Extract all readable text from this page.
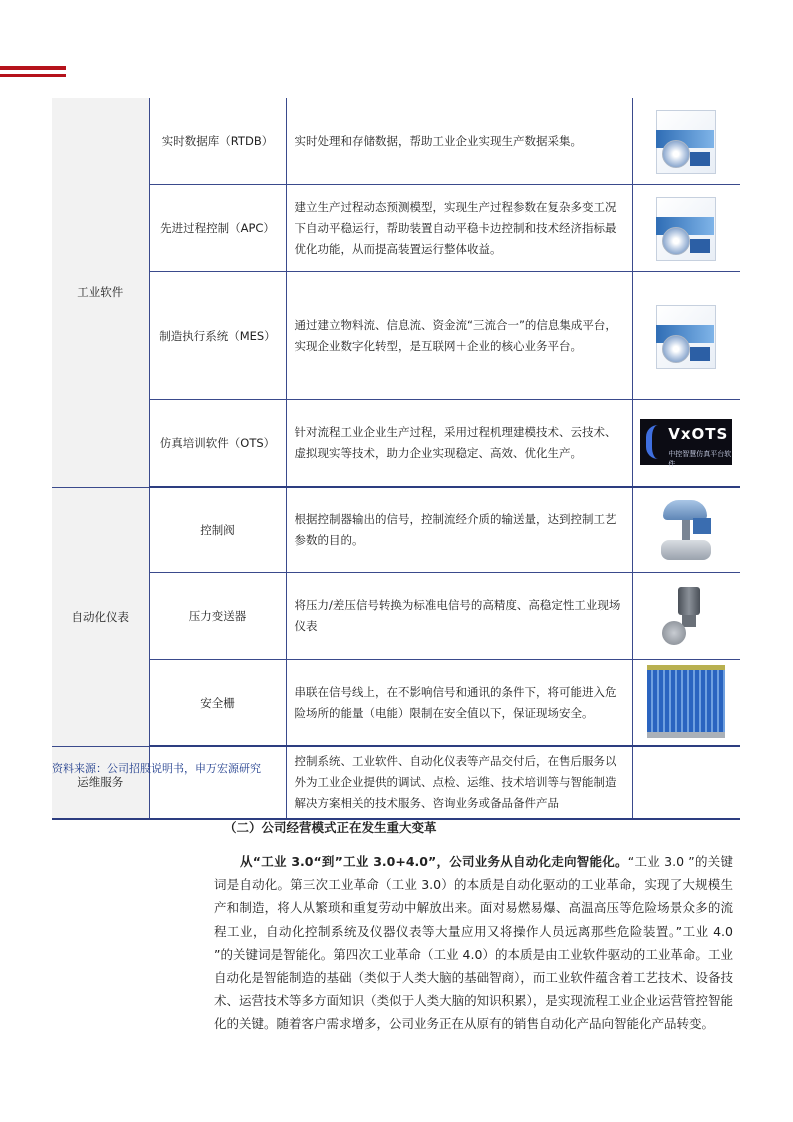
工业软件	实时数据库（RTDB）	实时处理和存储数据，帮助工业企业实现生产数据采集。	

	先进过程控制（APC）	建立生产过程动态预测模型，实现生产过程参数在复杂多变工况下自动平稳运行，帮助装置自动平稳卡边控制和技术经济指标最优化功能，从而提高装置运行整体收益。	

	制造执行系统（MES）	通过建立物料流、信息流、资金流“三流合一”的信息集成平台，实现企业数字化转型，是互联网＋企业的核心业务平台。	

	仿真培训软件（OTS）	针对流程工业企业生产过程，采用过程机理建模技术、云技术、虚拟现实等技术，助力企业实现稳定、高效、优化生产。	VxOTS
中控智慧仿真平台软件

自动化仪表	控制阀	根据控制器输出的信号，控制流经介质的输送量，达到控制工艺参数的目的。	

	压力变送器	将压力/差压信号转换为标准电信号的高精度、高稳定性工业现场仪表	

	安全栅	串联在信号线上，在不影响信号和通讯的条件下，将可能进入危险场所的能量（电能）限制在安全值以下，保证现场安全。	
运维服务		控制系统、工业软件、自动化仪表等产品交付后，在售后服务以外为工业企业提供的调试、点检、运维、技术培训等与智能制造解决方案相关的技术服务、咨询业务或备品备件产品	
资料来源：公司招股说明书，申万宏源研究
（二）公司经营模式正在发生重大变革

从“工业 3.0“到”工业 3.0+4.0”，公司业务从自动化走向智能化。“工业 3.0 ”的关键词是自动化。第三次工业革命（工业 3.0）的本质是自动化驱动的工业革命，实现了大规模生产和制造，将人从繁琐和重复劳动中解放出来。面对易燃易爆、高温高压等危险场景众多的流程工业，自动化控制系统及仪器仪表等大量应用又将操作人员远离那些危险装置。”工业 4.0 ”的关键词是智能化。第四次工业革命（工业 4.0）的本质是由工业软件驱动的工业革命。工业自动化是智能制造的基础（类似于人类大脑的基础智商），而工业软件蕴含着工艺技术、设备技术、运营技术等多方面知识（类似于人类大脑的知识积累），是实现流程工业企业运营管控智能化的关键。随着客户需求增多，公司业务正在从原有的销售自动化产品向智能化产品转变。
